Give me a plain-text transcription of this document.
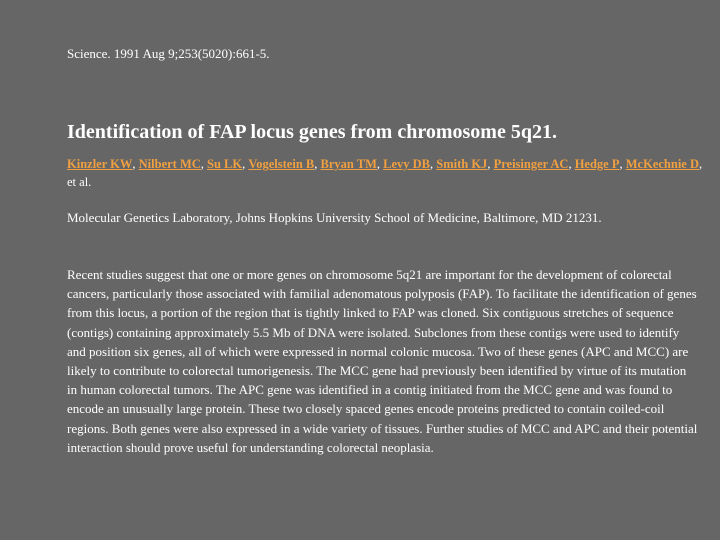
Science. 1991 Aug 9;253(5020):661-5.
Identification of FAP locus genes from chromosome 5q21.
Kinzler KW, Nilbert MC, Su LK, Vogelstein B, Bryan TM, Levy DB, Smith KJ, Preisinger AC, Hedge P, McKechnie D, et al.
Molecular Genetics Laboratory, Johns Hopkins University School of Medicine, Baltimore, MD 21231.
Recent studies suggest that one or more genes on chromosome 5q21 are important for the development of colorectal cancers, particularly those associated with familial adenomatous polyposis (FAP). To facilitate the identification of genes from this locus, a portion of the region that is tightly linked to FAP was cloned. Six contiguous stretches of sequence (contigs) containing approximately 5.5 Mb of DNA were isolated. Subclones from these contigs were used to identify and position six genes, all of which were expressed in normal colonic mucosa. Two of these genes (APC and MCC) are likely to contribute to colorectal tumorigenesis. The MCC gene had previously been identified by virtue of its mutation in human colorectal tumors. The APC gene was identified in a contig initiated from the MCC gene and was found to encode an unusually large protein. These two closely spaced genes encode proteins predicted to contain coiled-coil regions. Both genes were also expressed in a wide variety of tissues. Further studies of MCC and APC and their potential interaction should prove useful for understanding colorectal neoplasia.
